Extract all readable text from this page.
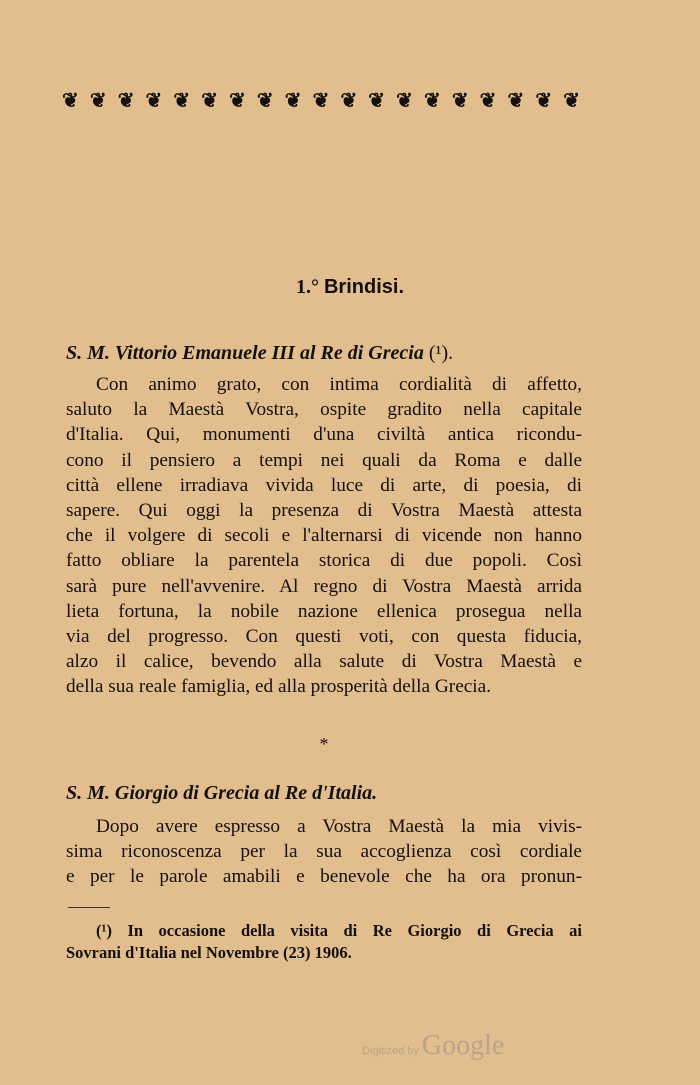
❦ ❦ ❦ ❦ ❦ ❦ ❦ ❦ ❦ ❦ ❦ ❦ ❦ ❦ ❦ ❦ ❦ ❦ ❦
1.° Brindisi.
S. M. Vittorio Emanuele III al Re di Grecia (¹).
Con animo grato, con intima cordialità di affetto,
saluto la Maestà Vostra, ospite gradito nella capitale
d'Italia. Qui, monumenti d'una civiltà antica ricondu-
cono il pensiero a tempi nei quali da Roma e dalle
città ellene irradiava vivida luce di arte, di poesia, di
sapere. Qui oggi la presenza di Vostra Maestà attesta
che il volgere di secoli e l'alternarsi di vicende non hanno
fatto obliare la parentela storica di due popoli. Così
sarà pure nell'avvenire. Al regno di Vostra Maestà arrida
lieta fortuna, la nobile nazione ellenica prosegua nella
via del progresso. Con questi voti, con questa fiducia,
alzo il calice, bevendo alla salute di Vostra Maestà e
della sua reale famiglia, ed alla prosperità della Grecia.
*
S. M. Giorgio di Grecia al Re d'Italia.
Dopo avere espresso a Vostra Maestà la mia vivis-
sima riconoscenza per la sua accoglienza così cordiale
e per le parole amabili e benevole che ha ora pronun-
(¹) In occasione della visita di Re Giorgio di Grecia ai
Sovrani d'Italia nel Novembre (23) 1906.
Digitized by Google
